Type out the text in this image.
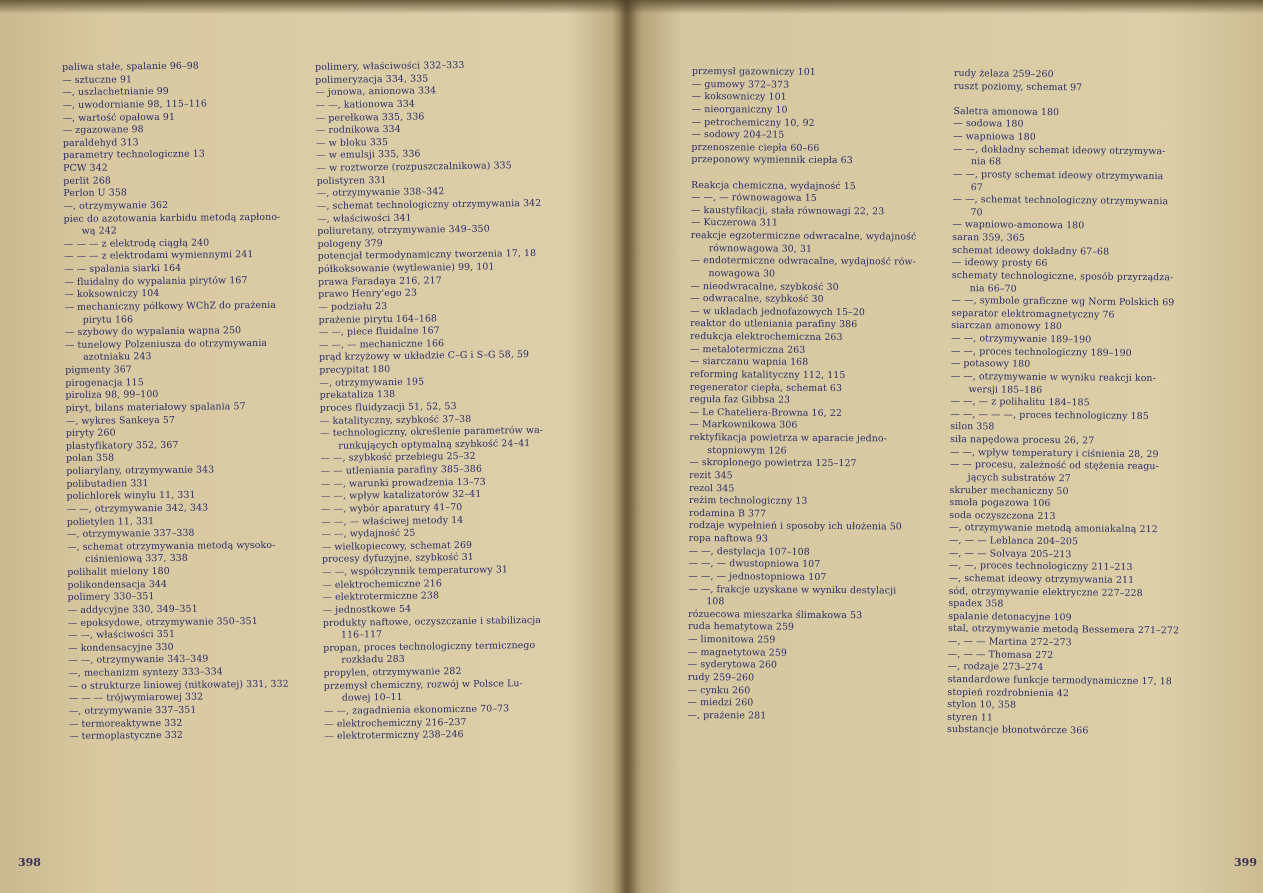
paliwa stałe, spalanie 96–98
— sztuczne 91
—, uszlachetnianie 99
—, uwodornianie 98, 115–116
—, wartość opałowa 91
— zgazowane 98
paraldehyd 313
parametry technologiczne 13
PCW 342
perlit 268
Perlon U 358
—, otrzymywanie 362
piec do azotowania karbidu metodą zapłono-
wą 242
— — — z elektrodą ciągłą 240
— — — z elektrodami wymiennymi 241
— — spalania siarki 164
— fluidalny do wypalania pirytów 167
— koksowniczy 104
— mechaniczny półkowy WChZ do prażenia
pirytu 166
— szybowy do wypalania wapna 250
— tunelowy Polzeniusza do otrzymywania
azotniaku 243
pigmenty 367
pirogenacja 115
piroliza 98, 99–100
piryt, bilans materiałowy spalania 57
—, wykres Sankeya 57
piryty 260
plastyfikatory 352, 367
polan 358
poliarylany, otrzymywanie 343
polibutadien 331
polichlorek winylu 11, 331
— —, otrzymywanie 342, 343
polietylen 11, 331
—, otrzymywanie 337–338
—, schemat otrzymywania metodą wysoko-
ciśnieniową 337, 338
polihalit mielony 180
polikondensacja 344
polimery 330–351
— addycyjne 330, 349–351
— epoksydowe, otrzymywanie 350–351
— —, właściwości 351
— kondensacyjne 330
— —, otrzymywanie 343–349
—, mechanizm syntezy 333–334
— o strukturze liniowej (nitkowatej) 331, 332
— — — trójwymiarowej 332
—, otrzymywanie 337–351
— termoreaktywne 332
— termoplastyczne 332
polimery, właściwości 332–333
polimeryzacja 334, 335
— jonowa, anionowa 334
— —, kationowa 334
— perełkowa 335, 336
— rodnikowa 334
— w bloku 335
— w emulsji 335, 336
— w roztworze (rozpuszczalnikowa) 335
polistyren 331
—, otrzymywanie 338–342
—, schemat technologiczny otrzymywania 342
—, właściwości 341
poliuretany, otrzymywanie 349–350
pologeny 379
potencjał termodynamiczny tworzenia 17, 18
półkoksowanie (wytlewanie) 99, 101
prawa Faradaya 216, 217
prawo Henry'ego 23
— podziału 23
prażenie pirytu 164–168
— —, piece fluidalne 167
— —, — mechaniczne 166
prąd krzyżowy w układzie C–G i S–G 58, 59
precypitat 180
—, otrzymywanie 195
prekataliza 138
proces fluidyzacji 51, 52, 53
— katalityczny, szybkość 37–38
— technologiczny, określenie parametrów wa-
runkujących optymalną szybkość 24–41
— —, szybkość przebiegu 25–32
— — utleniania parafiny 385–386
— —, warunki prowadzenia 13–73
— —, wpływ katalizatorów 32–41
— —, wybór aparatury 41–70
— —, — właściwej metody 14
— —, wydajność 25
— wielkopiecowy, schemat 269
procesy dyfuzyjne, szybkość 31
— —, współczynnik temperaturowy 31
— elektrochemiczne 216
— elektrotermiczne 238
— jednostkowe 54
produkty naftowe, oczyszczanie i stabilizacja
116–117
propan, proces technologiczny termicznego
rozkładu 283
propylen, otrzymywanie 282
przemysł chemiczny, rozwój w Polsce Lu-
dowej 10–11
— —, zagadnienia ekonomiczne 70–73
— elektrochemiczny 216–237
— elektrotermiczny 238–246
398
przemysł gazowniczy 101
— gumowy 372–373
— koksowniczy 101
— nieorganiczny 10
— petrochemiczny 10, 92
— sodowy 204–215
przenoszenie ciepła 60–66
przeponowy wymiennik ciepła 63
Reakcja chemiczna, wydajność 15
— —, — równowagowa 15
— kaustyfikacji, stała równowagi 22, 23
— Kuczerowa 311
reakcje egzotermiczne odwracalne, wydajność
równowagowa 30, 31
— endotermiczne odwracalne, wydajność rów-
nowagowa 30
— nieodwracalne, szybkość 30
— odwracalne, szybkość 30
— w układach jednofazowych 15–20
reaktor do utleniania parafiny 386
redukcja elektrochemiczna 263
— metalotermiczna 263
— siarczanu wapnia 168
reforming katalityczny 112, 115
regenerator ciepła, schemat 63
reguła faz Gibbsa 23
— Le Chateliera-Browna 16, 22
— Markownikowa 306
rektyfikacja powietrza w aparacie jedno-
stopniowym 126
— skroplonego powietrza 125–127
rezit 345
rezol 345
reżim technologiczny 13
rodamina B 377
rodzaje wypełnień i sposoby ich ułożenia 50
ropa naftowa 93
— —, destylacja 107–108
— —, — dwustopniowa 107
— —, — jednostopniowa 107
— —, frakcje uzyskane w wyniku destylacji
108
rózuecowa mieszarka ślimakowa 53
ruda hematytowa 259
— limonitowa 259
— magnetytowa 259
— syderytowa 260
rudy 259–260
— cynku 260
— miedzi 260
—, prażenie 281
rudy żelaza 259–260
ruszt poziomy, schemat 97
Saletra amonowa 180
— sodowa 180
— wapniowa 180
— —, dokładny schemat ideowy otrzymywa-
nia 68
— —, prosty schemat ideowy otrzymywania
67
— —, schemat technologiczny otrzymywania
70
— wapniowo-amonowa 180
saran 359, 365
schemat ideowy dokładny 67–68
— ideowy prosty 66
schematy technologiczne, sposób przyrządza-
nia 66–70
— —, symbole graficzne wg Norm Polskich 69
separator elektromagnetyczny 76
siarczan amonowy 180
— —, otrzymywanie 189–190
— —, proces technologiczny 189–190
— potasowy 180
— —, otrzymywanie w wyniku reakcji kon-
wersji 185–186
— —, — z polihalitu 184–185
— —, — — —, proces technologiczny 185
silon 358
siła napędowa procesu 26, 27
— —, wpływ temperatury i ciśnienia 28, 29
— — procesu, zależność od stężenia reagu-
jących substratów 27
skruber mechaniczny 50
smoła pogazowa 106
soda oczyszczona 213
—, otrzymywanie metodą amoniakalną 212
—, — — Leblanca 204–205
—, — — Solvaya 205–213
—, —, proces technologiczny 211–213
—, schemat ideowy otrzymywania 211
sód, otrzymywanie elektryczne 227–228
spadex 358
spalanie detonacyjne 109
stal, otrzymywanie metodą Bessemera 271–272
—, — — Martina 272–273
—, — — Thomasa 272
—, rodzaje 273–274
standardowe funkcje termodynamiczne 17, 18
stopień rozdrobnienia 42
stylon 10, 358
styren 11
substancje błonotwórcze 366
399
